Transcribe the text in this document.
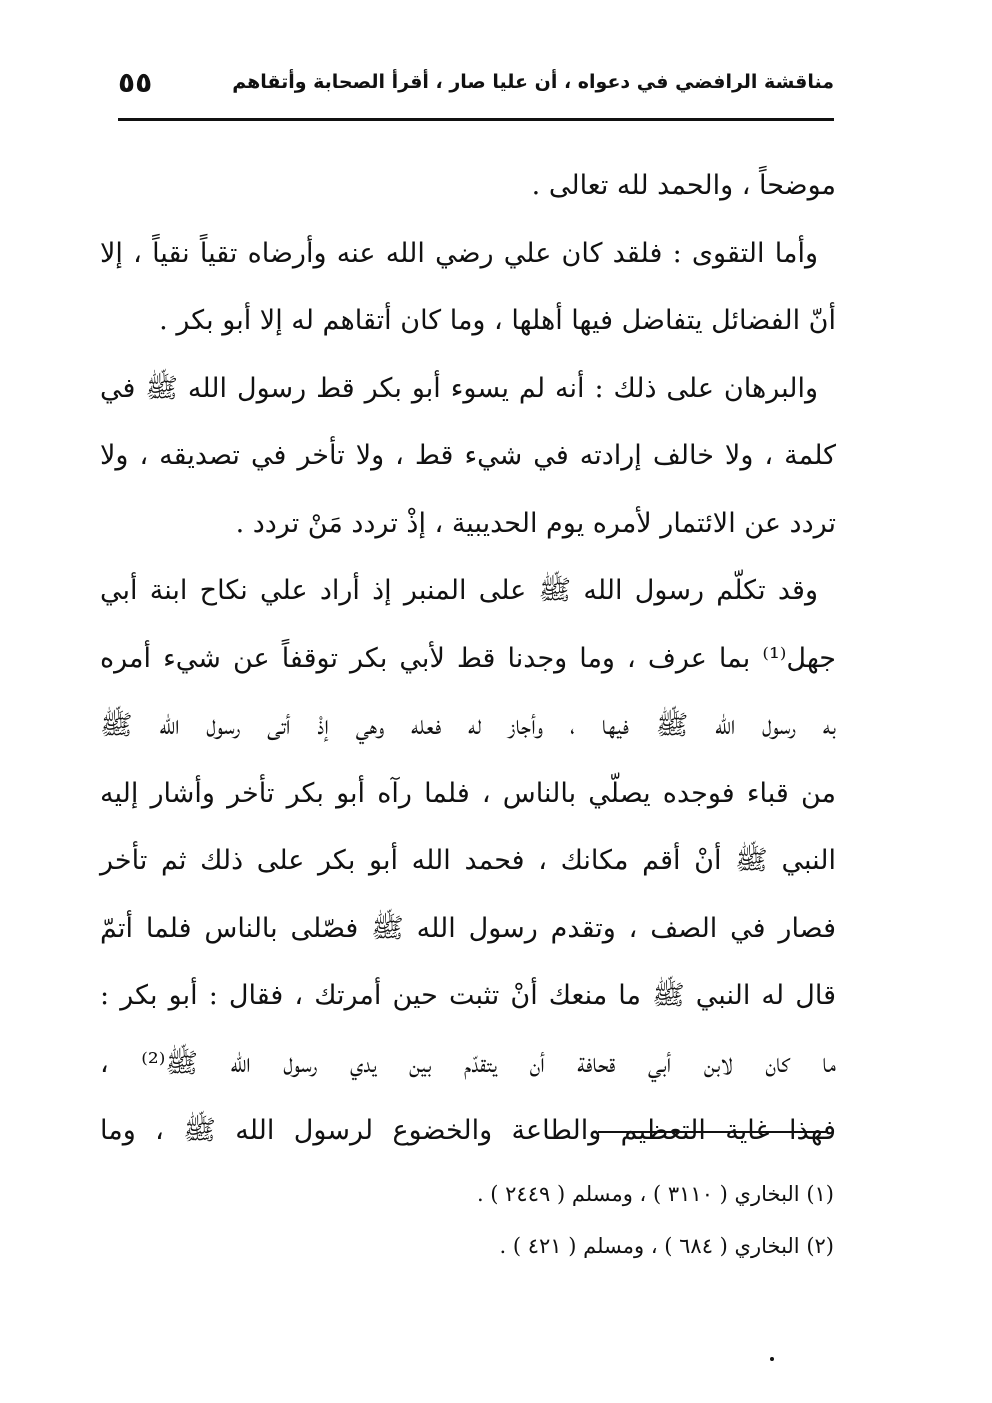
مناقشة الرافضي في دعواه ، أن عليا صار ، أقرأ الصحابة وأتقاهم
٥٥
موضحاً ، والحمد لله تعالى .
وأما التقوى : فلقد كان علي رضي الله عنه وأرضاه تقياً نقياً ، إلا
أنّ الفضائل يتفاضل فيها أهلها ، وما كان أتقاهم له إلا أبو بكر .
والبرهان على ذلك : أنه لم يسوء أبو بكر قط رسول الله ﷺ في
كلمة ، ولا خالف إرادته في شيء قط ، ولا تأخر في تصديقه ، ولا
تردد عن الائتمار لأمره يوم الحديبية ، إذْ تردد مَنْ تردد .
وقد تكلّم رسول الله ﷺ على المنبر إذ أراد علي نكاح ابنة أبي
جهل⁽¹⁾ بما عرف ، وما وجدنا قط لأبي بكر توقفاً عن شيء أمره
به رسول الله ﷺ فيها ، وأجاز له فعله وهي إذْ أتى رسول الله ﷺ
من قباء فوجده يصلّي بالناس ، فلما رآه أبو بكر تأخر وأشار إليه
النبي ﷺ أنْ أقم مكانك ، فحمد الله أبو بكر على ذلك ثم تأخر
فصار في الصف ، وتقدم رسول الله ﷺ فصّلى بالناس فلما أتمّ
قال له النبي ﷺ ما منعك أنْ تثبت حين أمرتك ، فقال : أبو بكر :
ما كان لابن أبي قحافة أن يتقدّم بين يدي رسول الله ﷺ⁽²⁾ ،
فهذا غاية التعظيم والطاعة والخضوع لرسول الله ﷺ ، وما
(١) البخاري ( ٣١١٠ ) ، ومسلم ( ٢٤٤٩ ) .
(٢) البخاري ( ٦٨٤ ) ، ومسلم ( ٤٢١ ) .
